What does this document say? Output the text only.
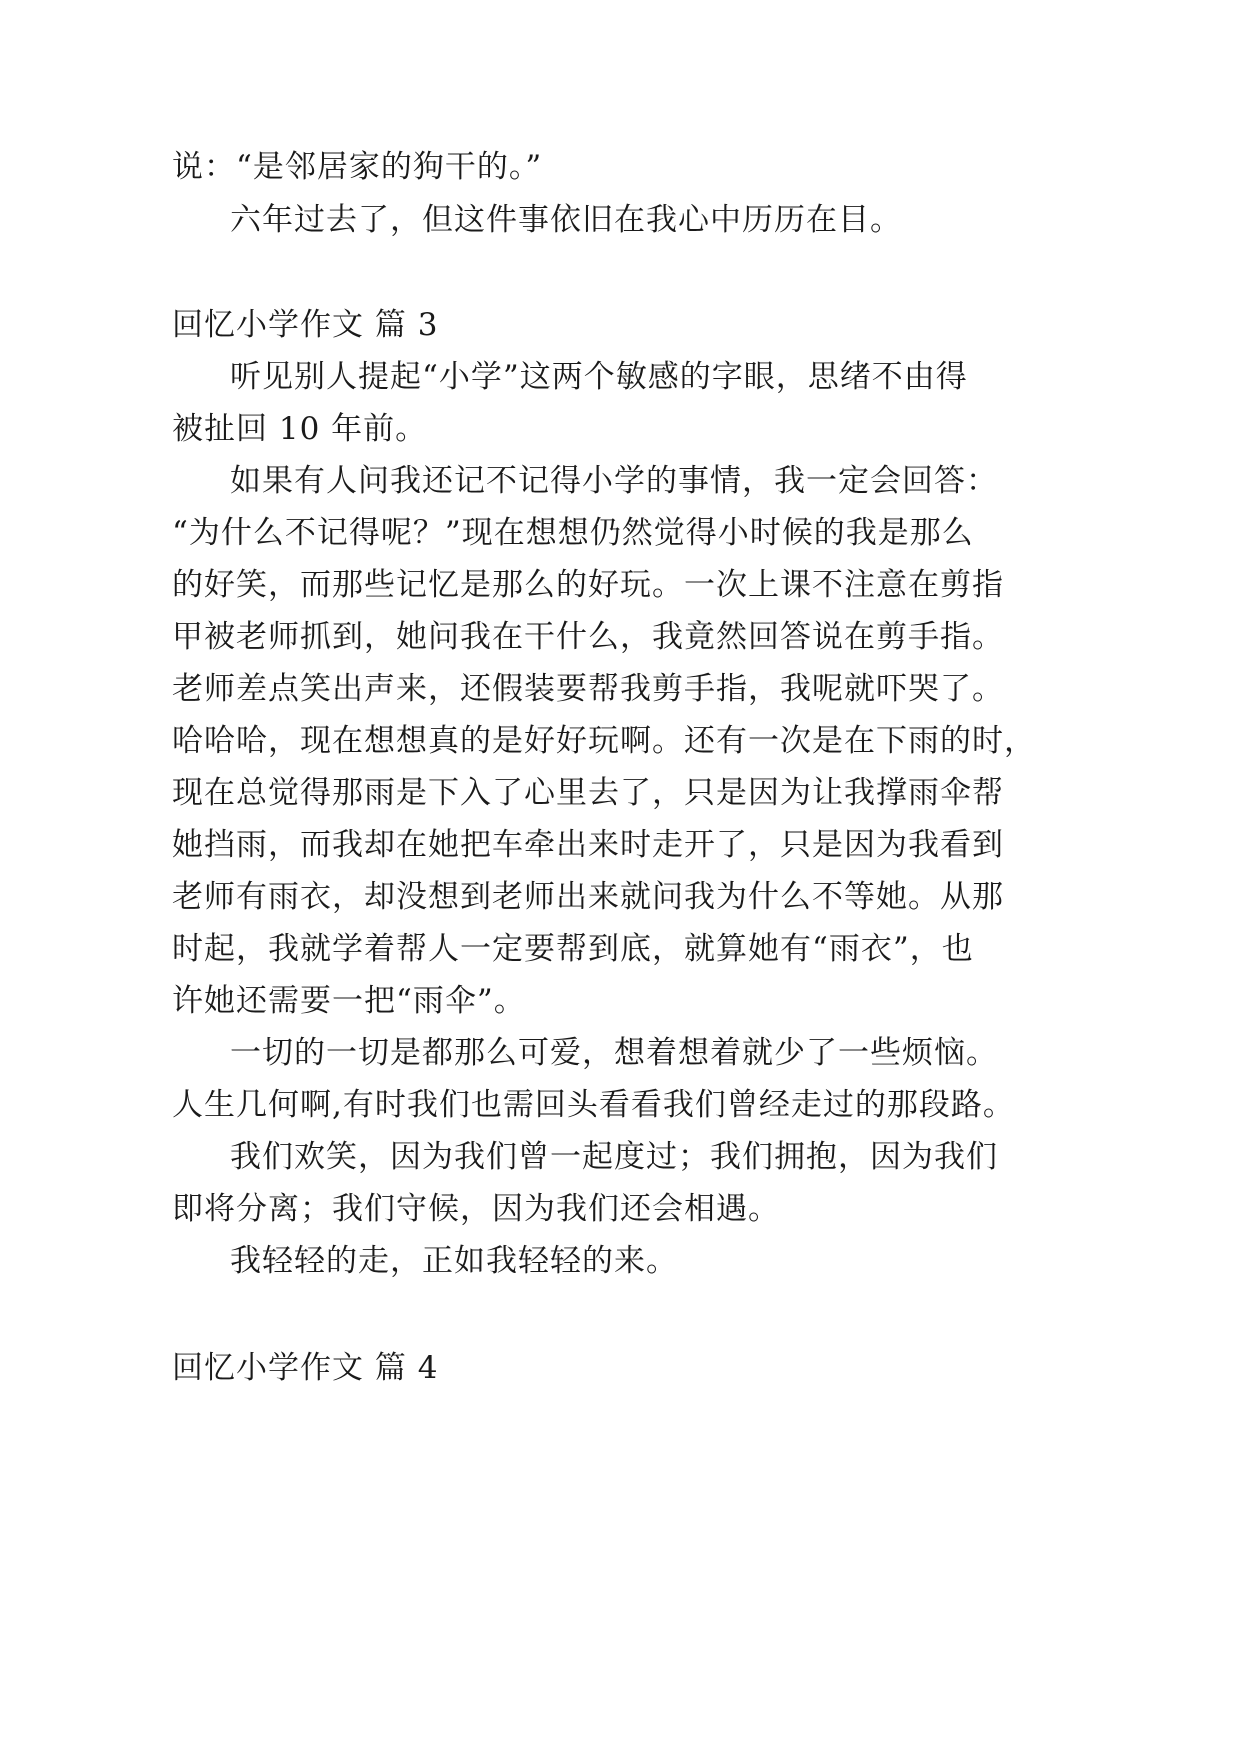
说：“是邻居家的狗干的。”
六年过去了，但这件事依旧在我心中历历在目。
回忆小学作文 篇 3
听见别人提起“小学”这两个敏感的字眼，思绪不由得
被扯回 10 年前。
如果有人问我还记不记得小学的事情，我一定会回答：
“为什么不记得呢？”现在想想仍然觉得小时候的我是那么
的好笑，而那些记忆是那么的好玩。一次上课不注意在剪指
甲被老师抓到，她问我在干什么，我竟然回答说在剪手指。
老师差点笑出声来，还假装要帮我剪手指，我呢就吓哭了。
哈哈哈，现在想想真的是好好玩啊。还有一次是在下雨的时，
现在总觉得那雨是下入了心里去了，只是因为让我撑雨伞帮
她挡雨，而我却在她把车牵出来时走开了，只是因为我看到
老师有雨衣，却没想到老师出来就问我为什么不等她。从那
时起，我就学着帮人一定要帮到底，就算她有“雨衣”，也
许她还需要一把“雨伞”。
一切的一切是都那么可爱，想着想着就少了一些烦恼。
人生几何啊,有时我们也需回头看看我们曾经走过的那段路。
我们欢笑，因为我们曾一起度过；我们拥抱，因为我们
即将分离；我们守候，因为我们还会相遇。
我轻轻的走，正如我轻轻的来。
回忆小学作文 篇 4
